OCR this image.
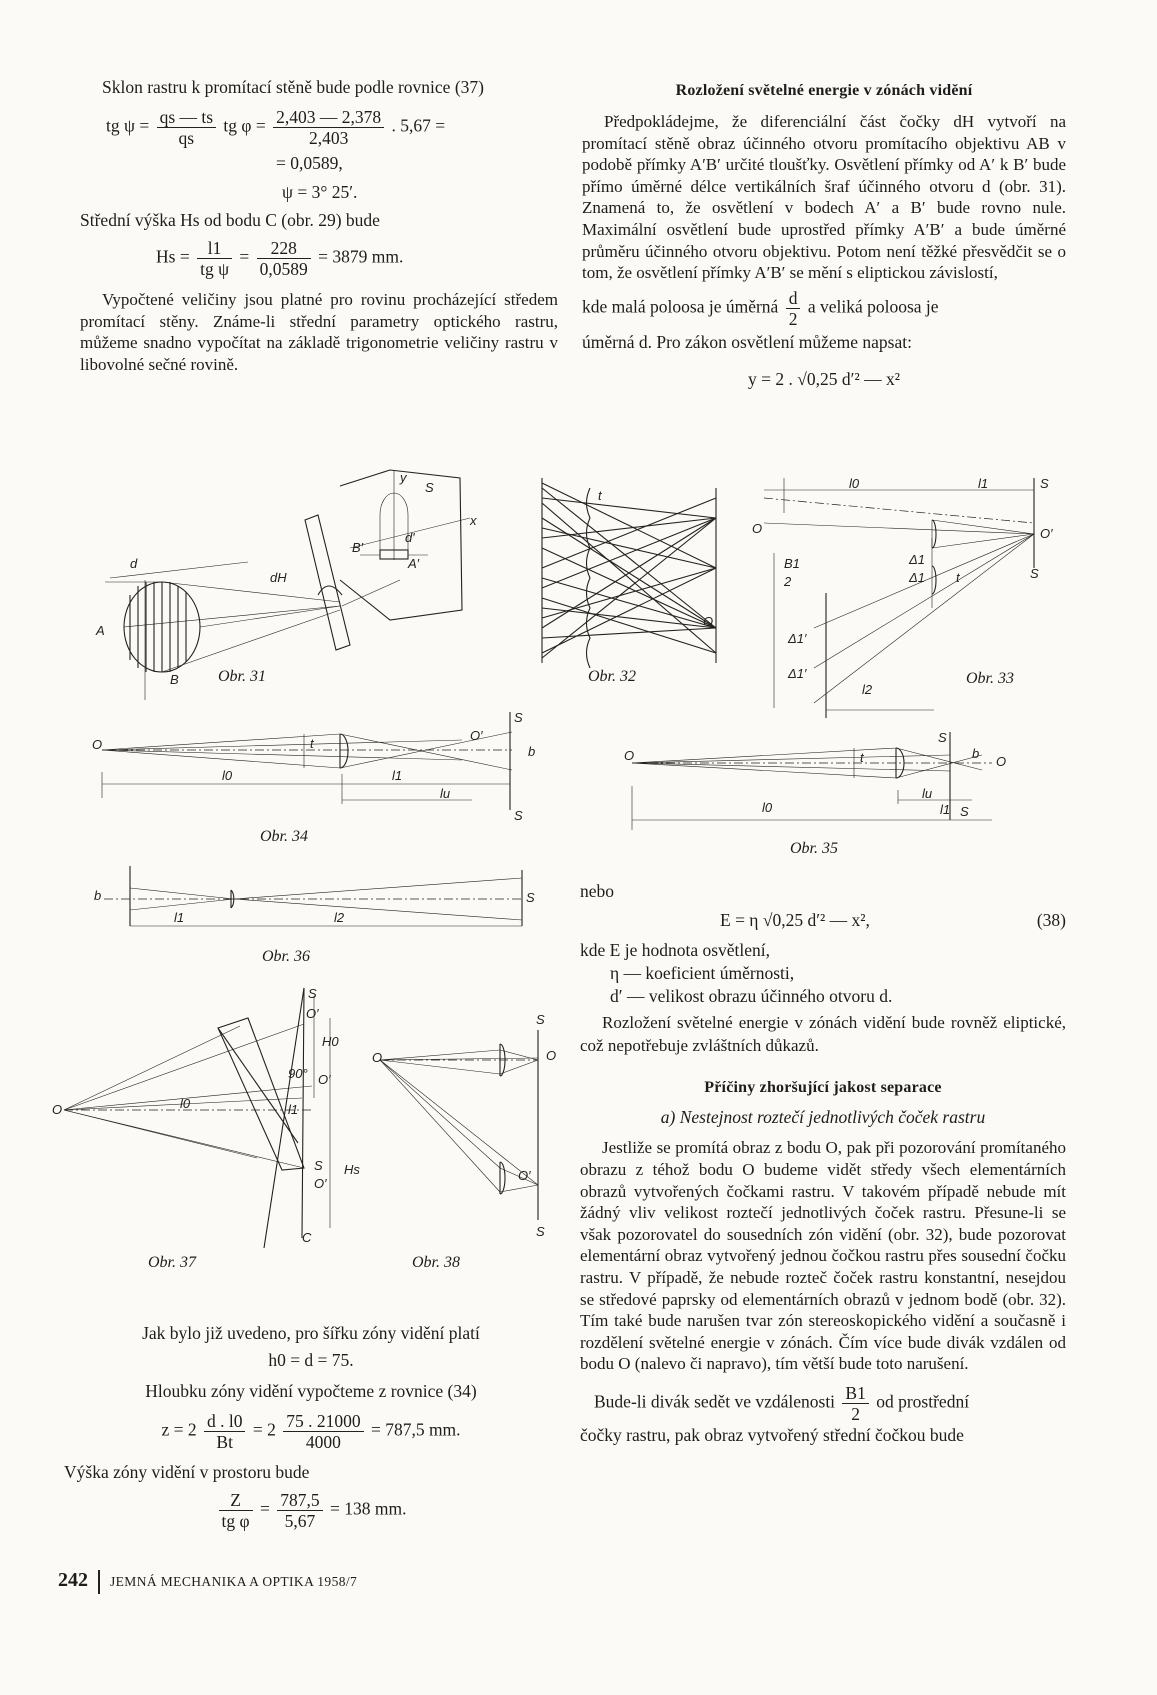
Sklon rastru k promítací stěně bude podle rovnice (37)

tg $\psi = \frac{qs — ts}{qs}$ tg $\varphi = \frac{2,403 — 2,378}{2,403}$ . 5,67 =
= 0,0589,
ψ = 3° 25′.

Střední výška Hs od bodu C (obr. 29) bude

$Hs = \frac{l1}{\text{tg ψ}} = \frac{228}{0,0589} = 3879$ mm.

Vypočtené veličiny jsou platné pro rovinu procházející středem promítací stěny. Známe-li střední parametry optického rastru, můžeme snadno vypočítat na základě trigonometrie veličiny rastru v libovolné sečné rovině.

Jak bylo již uvedeno, pro šířku zóny vidění platí

h0 = d = 75.

Hloubku zóny vidění vypočteme z rovnice (34)

$z = 2 \frac{d . l0}{Bt} = 2 \frac{75 . 21000}{4000} = 787,5$ mm.

Výška zóny vidění v prostoru bude

$\frac{Z}{\text{tg φ}} = \frac{787,5}{5,67} = 138$ mm.
Rozložení světelné energie v zónách vidění

Předpokládejme, že diferenciální část čočky dH vytvoří na promítací stěně obraz účinného otvoru promítacího objektivu AB v podobě přímky A′B′ určité tloušťky. Osvětlení přímky od A′ k B′ bude přímo úměrné délce vertikálních šraf účinného otvoru d (obr. 31). Znamená to, že osvětlení v bodech A′ a B′ bude rovno nule. Maximální osvětlení bude uprostřed přímky A′B′ a bude úměrné průměru účinného otvoru objektivu. Potom není těžké přesvědčit se o tom, že osvětlení přímky A′B′ se mění s eliptickou závislostí,

kde malá poloosa je úměrná $\frac{d}{2}$ a veliká poloosa je

úměrná d. Pro zákon osvětlení můžeme napsat:

y = 2 . √0,25 d′² — x²

nebo

E = η √0,25 d′² — x²,	(38)

kde E je hodnota osvětlení,

η — koeficient úměrnosti,

d′ — velikost obrazu účinného otvoru d.

Rozložení světelné energie v zónách vidění bude rovněž eliptické, což nepotřebuje zvláštních důkazů.

Příčiny zhoršující jakost separace

a) Nestejnost roztečí jednotlivých čoček rastru

Jestliže se promítá obraz z bodu O, pak při pozorování promítaného obrazu z téhož bodu O budeme vidět středy všech elementárních obrazů vytvořených čočkami rastru. V takovém případě nebude mít žádný vliv velikost roztečí jednotlivých čoček rastru. Přesune-li se však pozorovatel do sousedních zón vidění (obr. 32), bude pozorovat elementární obraz vytvořený jednou čočkou rastru přes sousední čočku rastru. V případě, že nebude rozteč čoček rastru konstantní, nesejdou se středové paprsky od elementárních obrazů v jednom bodě (obr. 32). Tím také bude narušen tvar zón stereoskopického vidění a současně i rozdělení světelné energie v zónách. Čím více bude divák vzdálen od bodu O (nalevo či napravo), tím větší bude toto narušení.

Bude-li divák sedět ve vzdálenosti $\frac{B1}{2}$ od prostřední

čočky rastru, pak obraz vytvořený střední čočkou bude

d
A
B
dH
y
S
B′
A′
d′
x
Obr. 31
t
O
Obr. 32
l0	l1
O	O′
S
S
B1
2
Δ1′
Δ1′
l2
Δ1
Δ1 t
Obr. 33
O	t
S
S
O′
b
l0	l1
lu
Obr. 34
O	t
S
S
O
b
l0
lu
l1
Obr. 35
b	S
l1	l2
Obr. 36
O
S
O′
C
90° O′
S
O′
l0
H0
Hs
l1
Obr. 37
O
S
O
S
O′
Obr. 38
242 JEMNÁ MECHANIKA A OPTIKA 1958/7
